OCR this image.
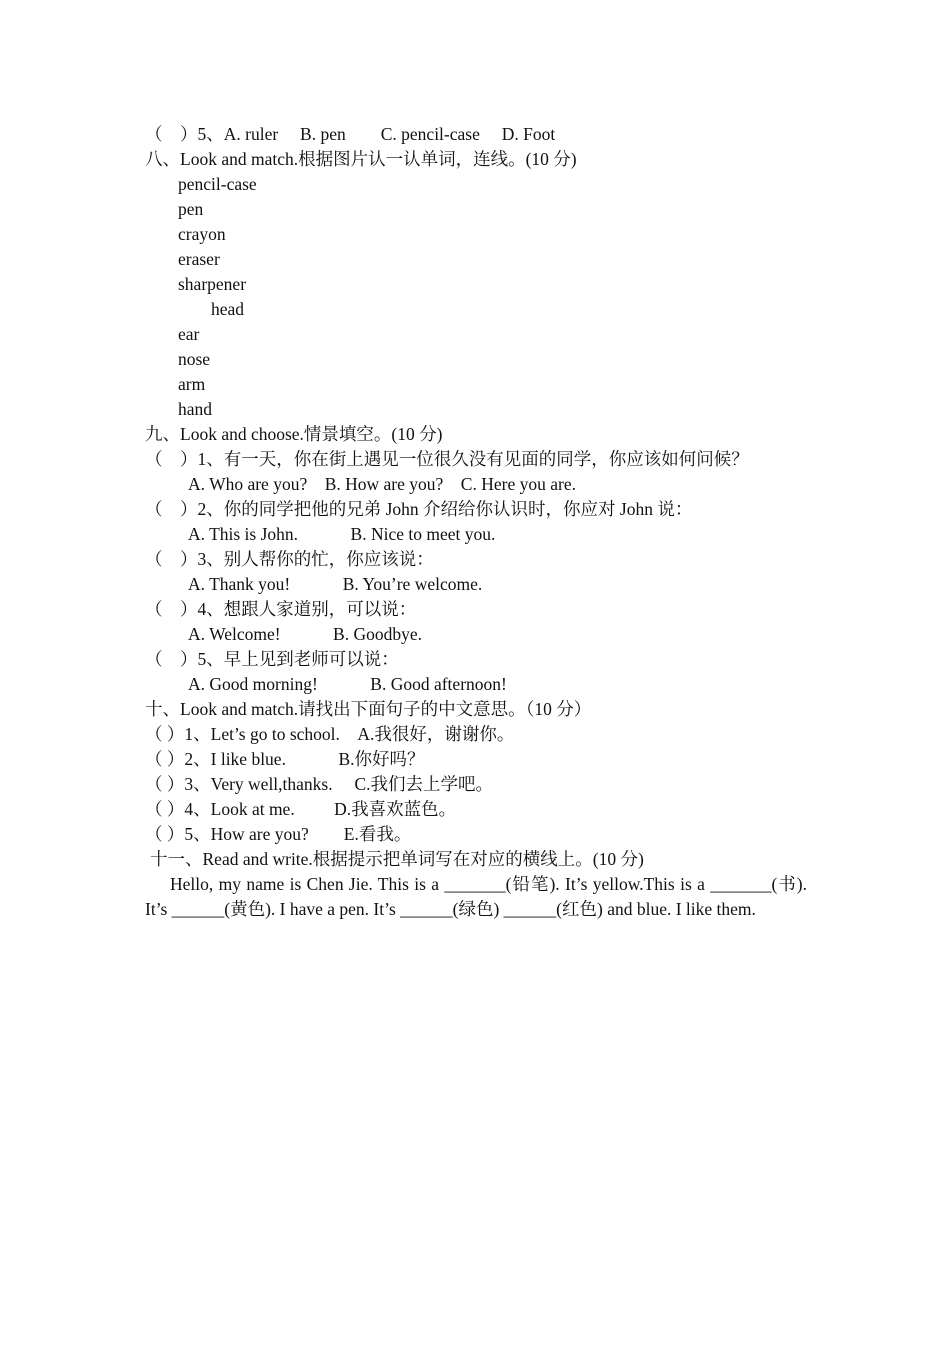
（　）5、A. ruler　 B. pen　　C. pencil-case　 D. Foot
八、Look and match.根据图片认一认单词，连线。(10 分)
pencil-case
pen
crayon
eraser
sharpener
head
ear
nose
arm
hand
九、Look and choose.情景填空。(10 分)
（　）1、有一天，你在街上遇见一位很久没有见面的同学，你应该如何问候？
A. Who are you?　B. How are you?　C. Here you are.
（　）2、你的同学把他的兄弟 John 介绍给你认识时，你应对 John 说：
A. This is John.　　　B. Nice to meet you.
（　）3、别人帮你的忙，你应该说：
A. Thank you!　　　B. You’re welcome.
（　）4、想跟人家道别，可以说：
A. Welcome!　　　B. Goodbye.
（　）5、早上见到老师可以说：
A. Good morning!　　　B. Good afternoon!
十、Look and match.请找出下面句子的中文意思。（10 分）
（ ）1、Let’s go to school.　A.我很好，谢谢你。
（ ）2、I like blue.　　　B.你好吗？
（ ）3、Very well,thanks.　 C.我们去上学吧。
（ ）4、Look at me.　　 D.我喜欢蓝色。
（ ）5、How are you?　　E.看我。
十一、Read and write.根据提示把单词写在对应的横线上。(10 分)
Hello, my name is Chen Jie. This is a _______(铅笔). It’s yellow.This is a _______(书). It’s ______(黄色). I have a pen. It’s ______(绿色) ______(红色) and blue. I like them.
